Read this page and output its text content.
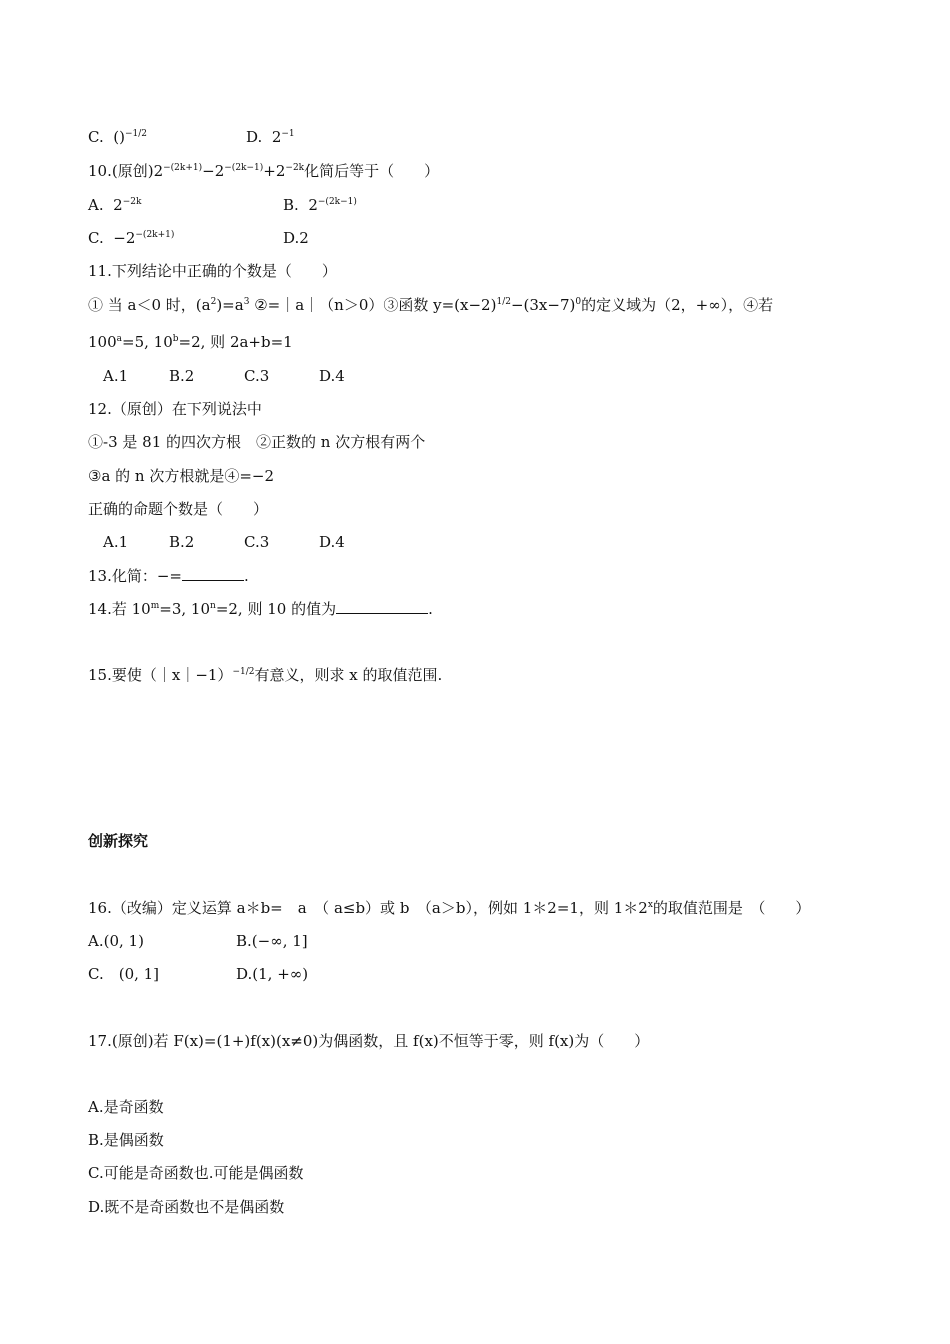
C. ()$^{-1/2}$	D. $2^{-1}$
10.(原创)$2^{-(2k+1)}-2^{-(2k-1)}+2^{-2k}$化简后等于（　　）
A. $2^{-2k}$	B. $2^{-(2k-1)}$
C. $-2^{-(2k+1)}$	D.2
11.下列结论中正确的个数是（　　）
① 当 a＜0 时，$(a^2)=a^3$ ②=｜a｜（n＞0）③函数 $y=(x-2)^{1/2}-(3x-7)^0$的定义域为（2，+∞），④若
$100^a=5$, $10^b=2$, 则 2a+b=1
A.1	B.2	C.3	D.4
12.（原创）在下列说法中
①-3 是 81 的四次方根　②正数的 n 次方根有两个
③a 的 n 次方根就是④=−2
正确的命题个数是（　　）
A.1	B.2	C.3	D.4
13.化简：−=	.
14.若 $10^m=3$, $10^n=2$, 则 10 的值为	.
15.要使（｜x｜−1）$^{-1/2}$有意义，则求 x 的取值范围.
创新探究
16.（改编）定义运算 a＊b=　a　（ a≤b）或 b　（a＞b），例如 1＊2=1，则 1＊2$^x$的取值范围是　（　　）
A.(0, 1)	B.(−∞, 1]
C.　(0, 1]	D.(1, +∞)
17.(原创)若 F(x)=(1+)f(x)(x≠0)为偶函数，且 f(x)不恒等于零，则 f(x)为（　　）
A.是奇函数
B.是偶函数
C.可能是奇函数也.可能是偶函数
D.既不是奇函数也不是偶函数
